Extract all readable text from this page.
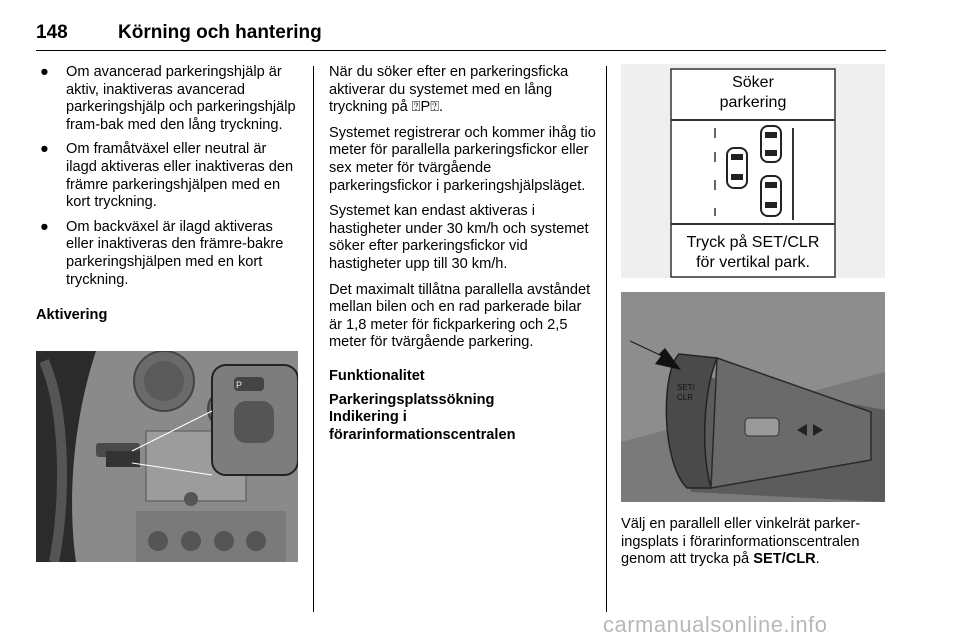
148	Körning och hantering
● Om avancerad parkeringshjälp är aktiv, inaktiveras avancerad parkeringshjälp och parkeringshjälp fram-bak med den lång tryckning.
● Om framåtväxel eller neutral är ilagd aktiveras eller inaktiveras den främre parkeringshjälpen med en kort tryckning.
● Om backväxel är ilagd aktiveras eller inaktiveras den främre-bakre parkeringshjälpen med en kort tryckning.
Aktivering
P

När du söker efter en parkeringsficka aktiverar du systemet med en lång tryckning på ⍰P⍰.

Systemet registrerar och kommer ihåg tio meter för parallella parkeringsfickor eller sex meter för tvärgående parkeringsfickor i parkeringshjälpsläget.

Systemet kan endast aktiveras i hastigheter under 30 km/h och systemet söker efter parkeringsfickor vid hastigheter upp till 30 km/h.

Det maximalt tillåtna parallella avståndet mellan bilen och en rad parkerade bilar är 1,8 meter för fickparkering och 2,5 meter för tvärgående parkering.

Funktionalitet
Parkeringsplatssökning
Indikering i
förarinformationscentralen
Söker
parkering
Tryck på SET/CLR
för vertikal park.
SET/
CLR
Välj en parallell eller vinkelrät parkeringsplats i förarinformationscentralen genom att trycka på SET/CLR.
carmanualsonline.info
